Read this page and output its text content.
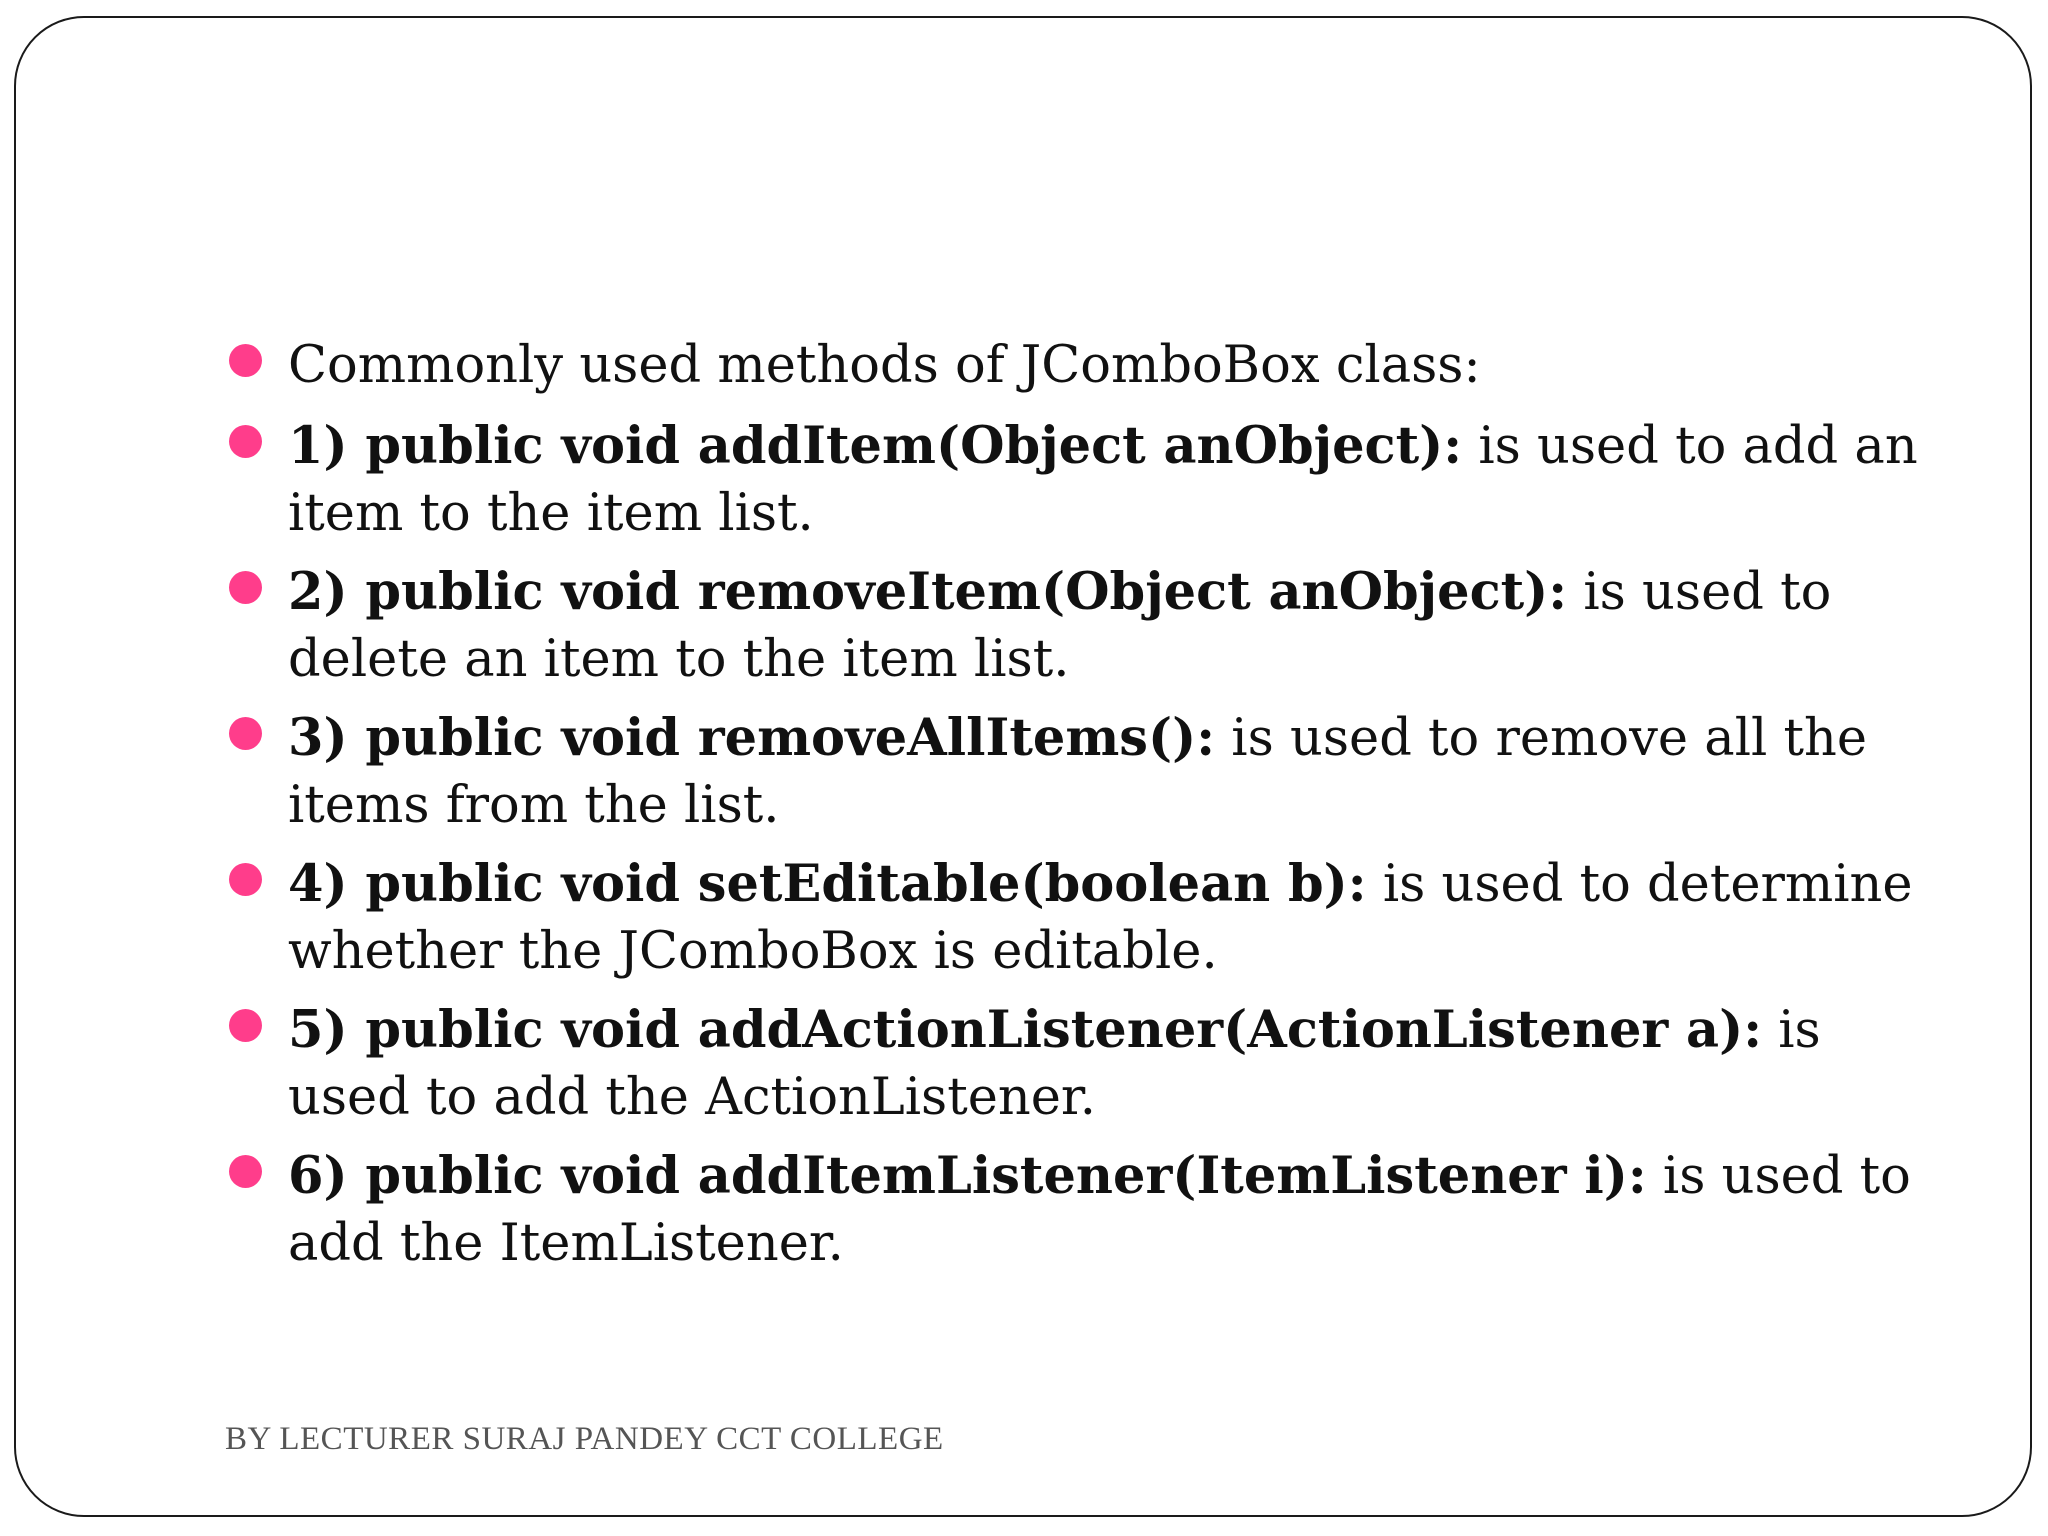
Commonly used methods of JComboBox class:
1) public void addItem(Object anObject): is used to add an item to the item list.
2) public void removeItem(Object anObject): is used to delete an item to the item list.
3) public void removeAllItems(): is used to remove all the items from the list.
4) public void setEditable(boolean b): is used to determine whether the JComboBox is editable.
5) public void addActionListener(ActionListener a): is used to add the ActionListener.
6) public void addItemListener(ItemListener i): is used to add the ItemListener.
BY LECTURER SURAJ PANDEY CCT COLLEGE
